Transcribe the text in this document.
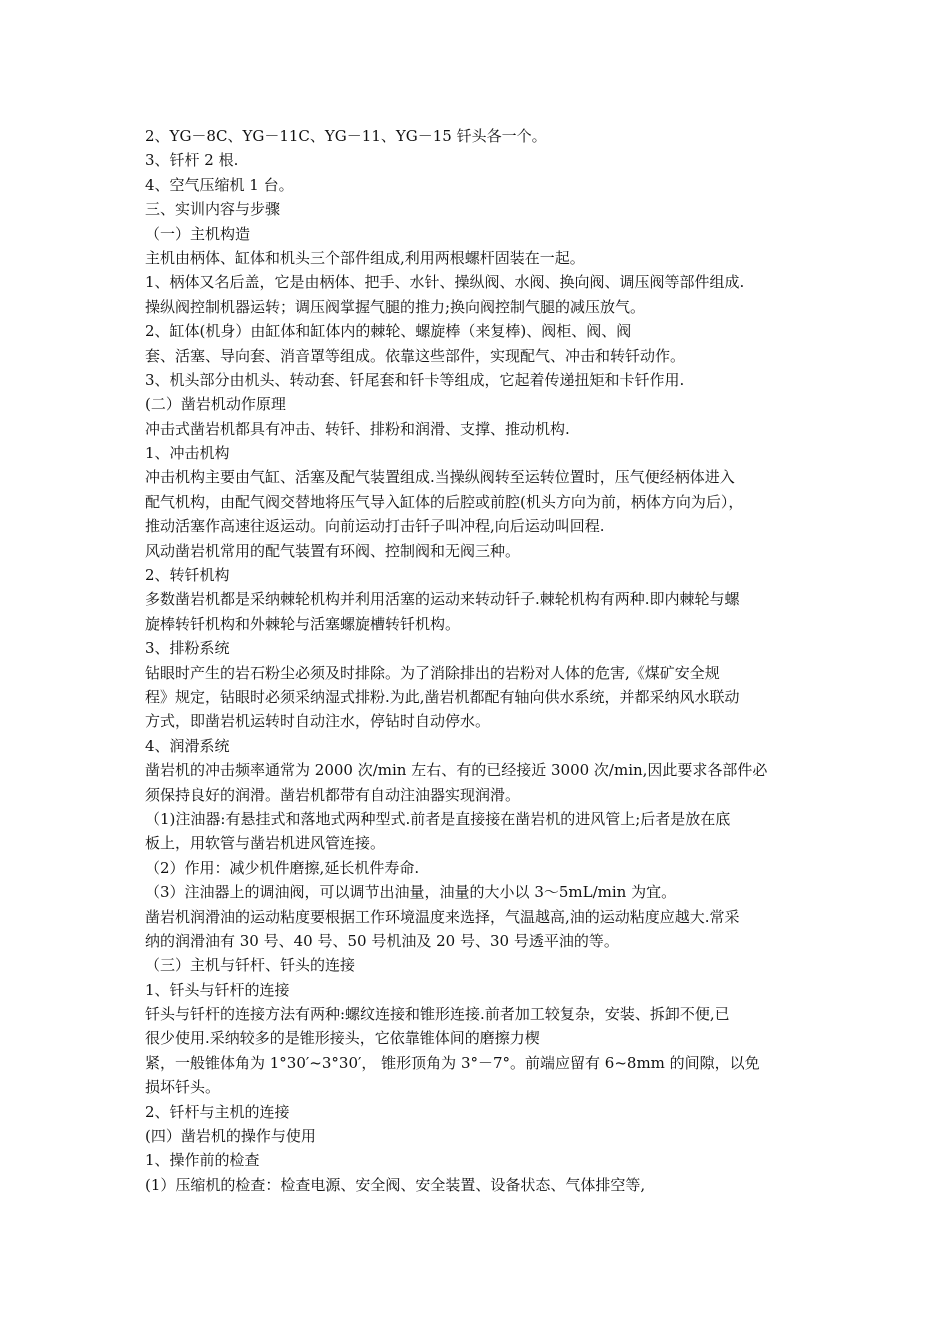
2、YG－8C、YG－11C、YG－11、YG－15 钎头各一个。

3、钎杆 2 根.

4、空气压缩机 1 台。

三、实训内容与步骤

（一）主机构造

主机由柄体、缸体和机头三个部件组成,利用两根螺杆固装在一起。

1、柄体又名后盖，它是由柄体、把手、水针、操纵阀、水阀、换向阀、调压阀等部件组成.

操纵阀控制机器运转；调压阀掌握气腿的推力;换向阀控制气腿的减压放气。

2、缸体(机身）由缸体和缸体内的棘轮、螺旋棒（来复棒)、阀柜、阀、阀

套、活塞、导向套、消音罩等组成。依靠这些部件，实现配气、冲击和转钎动作。

3、机头部分由机头、转动套、钎尾套和钎卡等组成，它起着传递扭矩和卡钎作用.

(二）凿岩机动作原理

冲击式凿岩机都具有冲击、转钎、排粉和润滑、支撑、推动机构.

1、冲击机构

冲击机构主要由气缸、活塞及配气装置组成.当操纵阀转至运转位置时，压气便经柄体进入

配气机构，由配气阀交替地将压气导入缸体的后腔或前腔(机头方向为前，柄体方向为后），

推动活塞作高速往返运动。向前运动打击钎子叫冲程,向后运动叫回程.

风动凿岩机常用的配气装置有环阀、控制阀和无阀三种。

2、转钎机构

多数凿岩机都是采纳棘轮机构并利用活塞的运动来转动钎子.棘轮机构有两种.即内棘轮与螺

旋棒转钎机构和外棘轮与活塞螺旋槽转钎机构。

3、排粉系统

钻眼时产生的岩石粉尘必须及时排除。为了消除排出的岩粉对人体的危害,《煤矿安全规

程》规定，钻眼时必须采纳湿式排粉.为此,凿岩机都配有轴向供水系统，并都采纳风水联动

方式，即凿岩机运转时自动注水，停钻时自动停水。

4、润滑系统

凿岩机的冲击频率通常为 2000 次/min 左右、有的已经接近 3000 次/min,因此要求各部件必

须保持良好的润滑。凿岩机都带有自动注油器实现润滑。

（1)注油器:有悬挂式和落地式两种型式.前者是直接接在凿岩机的进风管上;后者是放在底

板上，用软管与凿岩机进风管连接。

（2）作用：减少机件磨擦,延长机件寿命.

（3）注油器上的调油阀，可以调节出油量，油量的大小以 3～5mL/min 为宜。

凿岩机润滑油的运动粘度要根据工作环境温度来选择，气温越高,油的运动粘度应越大.常采

纳的润滑油有 30 号、40 号、50 号机油及 20 号、30 号透平油的等。

（三）主机与钎杆、钎头的连接

1、钎头与钎杆的连接

钎头与钎杆的连接方法有两种:螺纹连接和锥形连接.前者加工较复杂，安装、拆卸不便,已

很少使用.采纳较多的是锥形接头，它依靠锥体间的磨擦力楔

紧，一般锥体角为 1°30′~3°30′， 锥形顶角为 3°－7°。前端应留有 6~8mm 的间隙，以免

损坏钎头。

2、钎杆与主机的连接

(四）凿岩机的操作与使用

1、操作前的检查

(1）压缩机的检查：检查电源、安全阀、安全装置、设备状态、气体排空等,
